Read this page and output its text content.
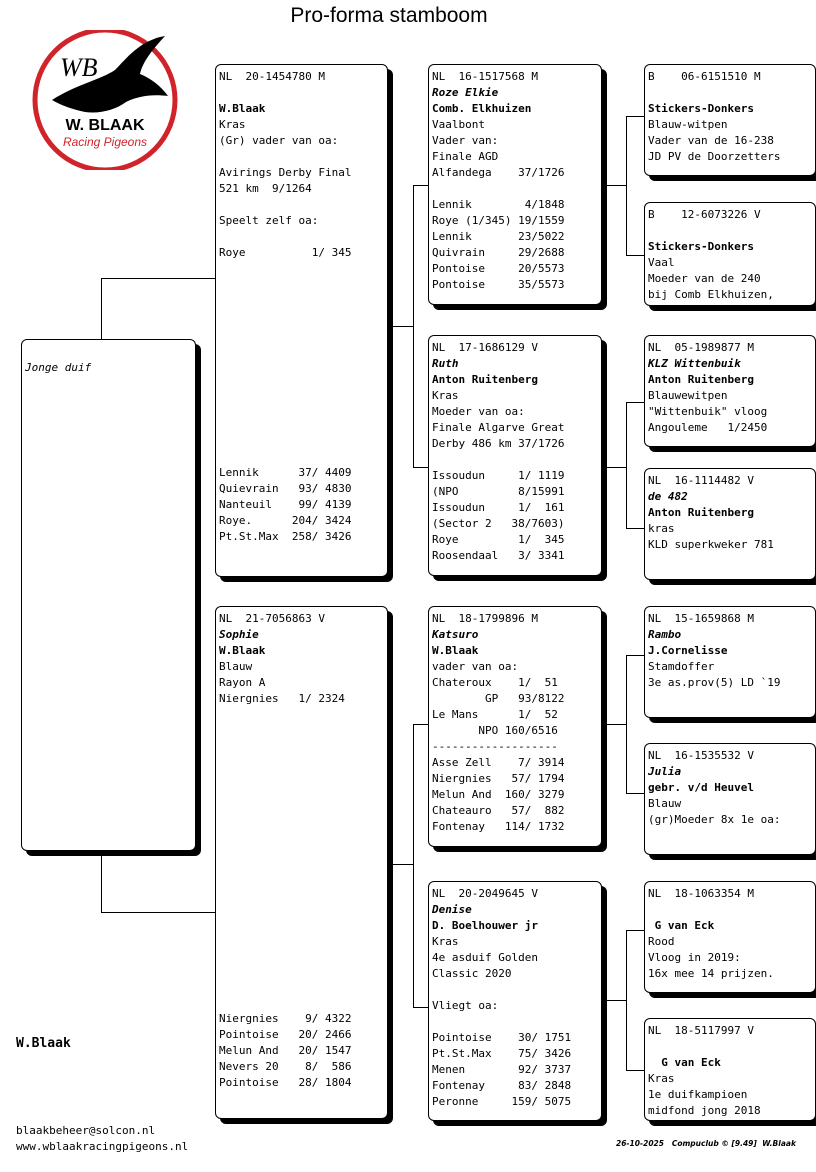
Pro-forma stamboom
WB
W. BLAAK
Racing Pigeons
Jonge duif
NL  20-1454780 M

W.Blaak
Kras
(Gr) vader van oa:

Avirings Derby Final
521 km  9/1264

Speelt zelf oa:

Roye          1/ 345
Lennik      37/ 4409
Quievrain   93/ 4830
Nanteuil    99/ 4139
Roye.      204/ 3424
Pt.St.Max  258/ 3426
NL  21-7056863 V
Sophie
W.Blaak
Blauw
Rayon A
Niergnies   1/ 2324
Niergnies    9/ 4322
Pointoise   20/ 2466
Melun And   20/ 1547
Nevers 20    8/  586
Pointoise   28/ 1804
NL  16-1517568 M
Roze Elkie
Comb. Elkhuizen
Vaalbont
Vader van:
Finale AGD
Alfandega    37/1726

Lennik        4/1848
Roye (1/345) 19/1559
Lennik       23/5022
Quivrain     29/2688
Pontoise     20/5573
Pontoise     35/5573
NL  17-1686129 V
Ruth
Anton Ruitenberg
Kras
Moeder van oa:
Finale Algarve Great
Derby 486 km 37/1726

Issoudun     1/ 1119
(NPO         8/15991
Issoudun     1/  161
(Sector 2   38/7603)
Roye         1/  345
Roosendaal   3/ 3341
NL  18-1799896 M
Katsuro
W.Blaak
vader van oa:
Chateroux    1/  51
GP   93/8122
Le Mans      1/  52
NPO 160/6516
-------------------
Asse Zell    7/ 3914
Niergnies   57/ 1794
Melun And  160/ 3279
Chateauro   57/  882
Fontenay   114/ 1732
NL  20-2049645 V
Denise
D. Boelhouwer jr
Kras
4e asduif Golden
Classic 2020

Vliegt oa:

Pointoise    30/ 1751
Pt.St.Max    75/ 3426
Menen        92/ 3737
Fontenay     83/ 2848
Peronne     159/ 5075
B    06-6151510 M

Stickers-Donkers
Blauw-witpen
Vader van de 16-238
JD PV de Doorzetters
B    12-6073226 V

Stickers-Donkers
Vaal
Moeder van de 240
bij Comb Elkhuizen,
NL  05-1989877 M
KLZ Wittenbuik
Anton Ruitenberg
Blauwewitpen
"Wittenbuik" vloog
Angouleme   1/2450
NL  16-1114482 V
de 482
Anton Ruitenberg
kras
KLD superkweker 781
NL  15-1659868 M
Rambo
J.Cornelisse
Stamdoffer
3e as.prov(5) LD `19
NL  16-1535532 V
Julia
gebr. v/d Heuvel
Blauw
(gr)Moeder 8x 1e oa:
NL  18-1063354 M

G van Eck
Rood
Vloog in 2019:
16x mee 14 prijzen.
NL  18-5117997 V

G van Eck
Kras
1e duifkampioen
midfond jong 2018
W.Blaak
blaakbeheer@solcon.nl
www.wblaakracingpigeons.nl	26-10-2025 Compuclub © [9.49] W.Blaak
